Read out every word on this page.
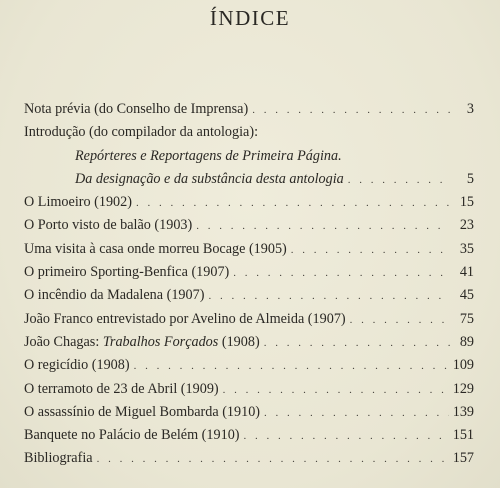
ÍNDICE
Nota prévia (do Conselho de Imprensa) . . .	3
Introdução (do compilador da antologia):
Repórteres e Reportagens de Primeira Página.
Da designação e da substância desta antologia . . .	5
O Limoeiro (1902) . . .	15
O Porto visto de balão (1903) . . .	23
Uma visita à casa onde morreu Bocage (1905) . . .	35
O primeiro Sporting-Benfica (1907) . . .	41
O incêndio da Madalena (1907) . . .	45
João Franco entrevistado por Avelino de Almeida (1907) . . .	75
João Chagas: Trabalhos Forçados (1908) . . .	89
O regicídio (1908) . . .	109
O terramoto de 23 de Abril (1909) . . .	129
O assassínio de Miguel Bombarda (1910) . . .	139
Banquete no Palácio de Belém (1910) . . .	151
Bibliografia . . .	157
